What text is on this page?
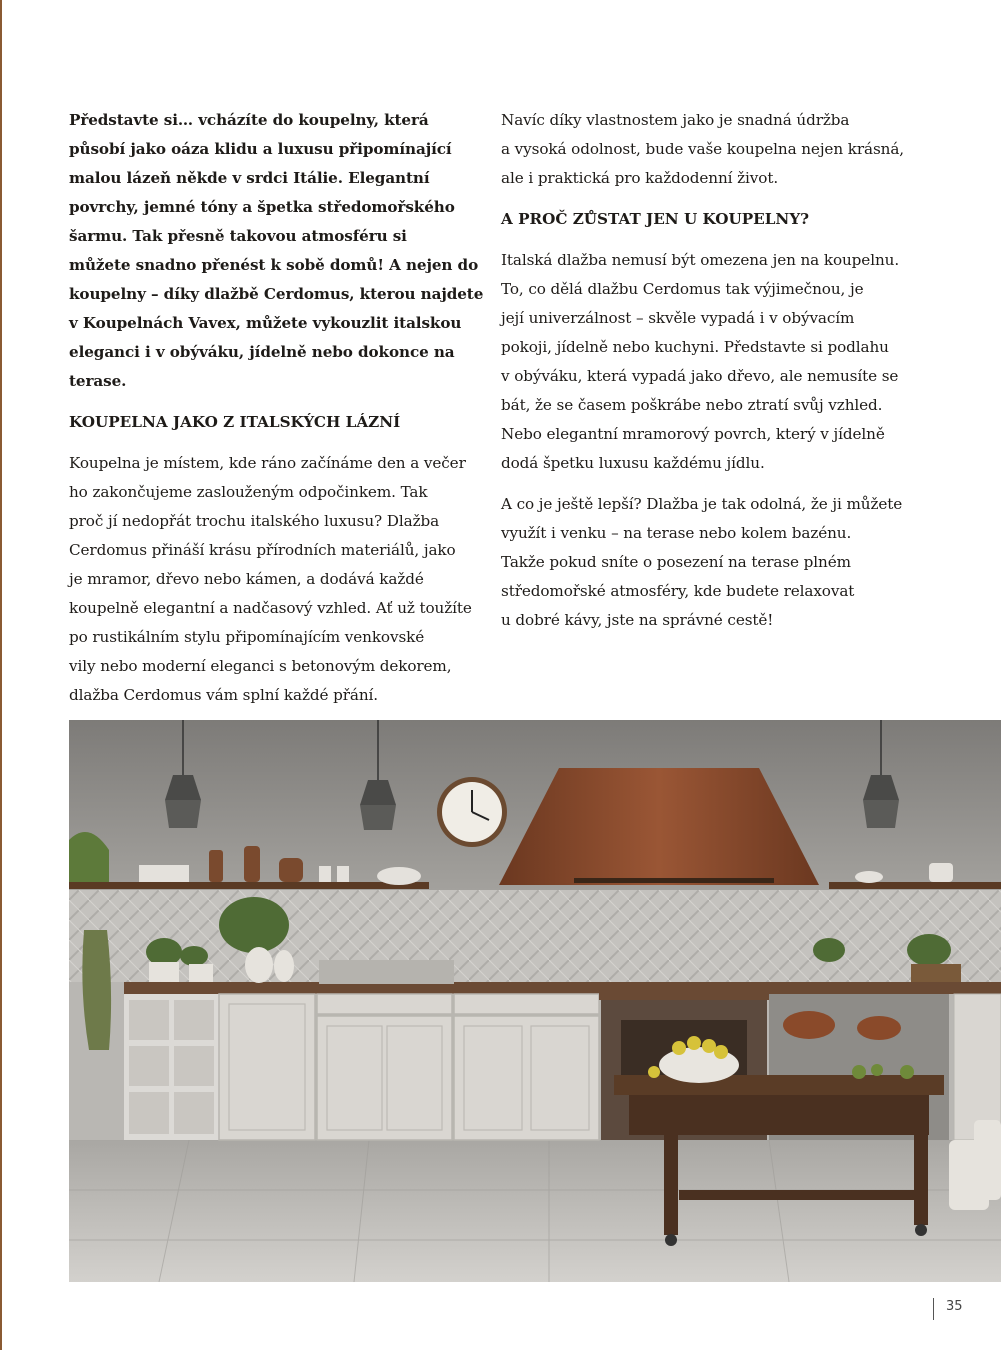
Představte si… vcházíte do koupelny, která
působí jako oáza klidu a luxusu připomínající
malou lázeň někde v srdci Itálie. Elegantní
povrchy, jemné tóny a špetka středomořského
šarmu. Tak přesně takovou atmosféru si
můžete snadno přenést k sobě domů! A nejen do
koupelny – díky dlažbě Cerdomus, kterou najdete
v Koupelnách Vavex, můžete vykouzlit italskou
eleganci i v obýváku, jídelně nebo dokonce na
terase.

KOUPELNA JAKO Z ITALSKÝCH LÁZNÍ

Koupelna je místem, kde ráno začínáme den a večer
ho zakončujeme zaslouženým odpočinkem. Tak
proč jí nedopřát trochu italského luxusu? Dlažba
Cerdomus přináší krásu přírodních materiálů, jako
je mramor, dřevo nebo kámen, a dodává každé
koupelně elegantní a nadčasový vzhled. Ať už toužíte
po rustikálním stylu připomínajícím venkovské
vily nebo moderní eleganci s betonovým dekorem,
dlažba Cerdomus vám splní každé přání.

Navíc díky vlastnostem jako je snadná údržba
a vysoká odolnost, bude vaše koupelna nejen krásná,
ale i praktická pro každodenní život.

A PROČ ZŮSTAT JEN U KOUPELNY?

Italská dlažba nemusí být omezena jen na koupelnu.
To, co dělá dlažbu Cerdomus tak výjimečnou, je
její univerzálnost – skvěle vypadá i v obývacím
pokoji, jídelně nebo kuchyni. Představte si podlahu
v obýváku, která vypadá jako dřevo, ale nemusíte se
bát, že se časem poškrábe nebo ztratí svůj vzhled.
Nebo elegantní mramorový povrch, který v jídelně
dodá špetku luxusu každému jídlu.

A co je ještě lepší? Dlažba je tak odolná, že ji můžete
využít i venku – na terase nebo kolem bazénu.
Takže pokud sníte o posezení na terase plném
středomořské atmosféry, kde budete relaxovat
u dobré kávy, jste na správné cestě!

35
